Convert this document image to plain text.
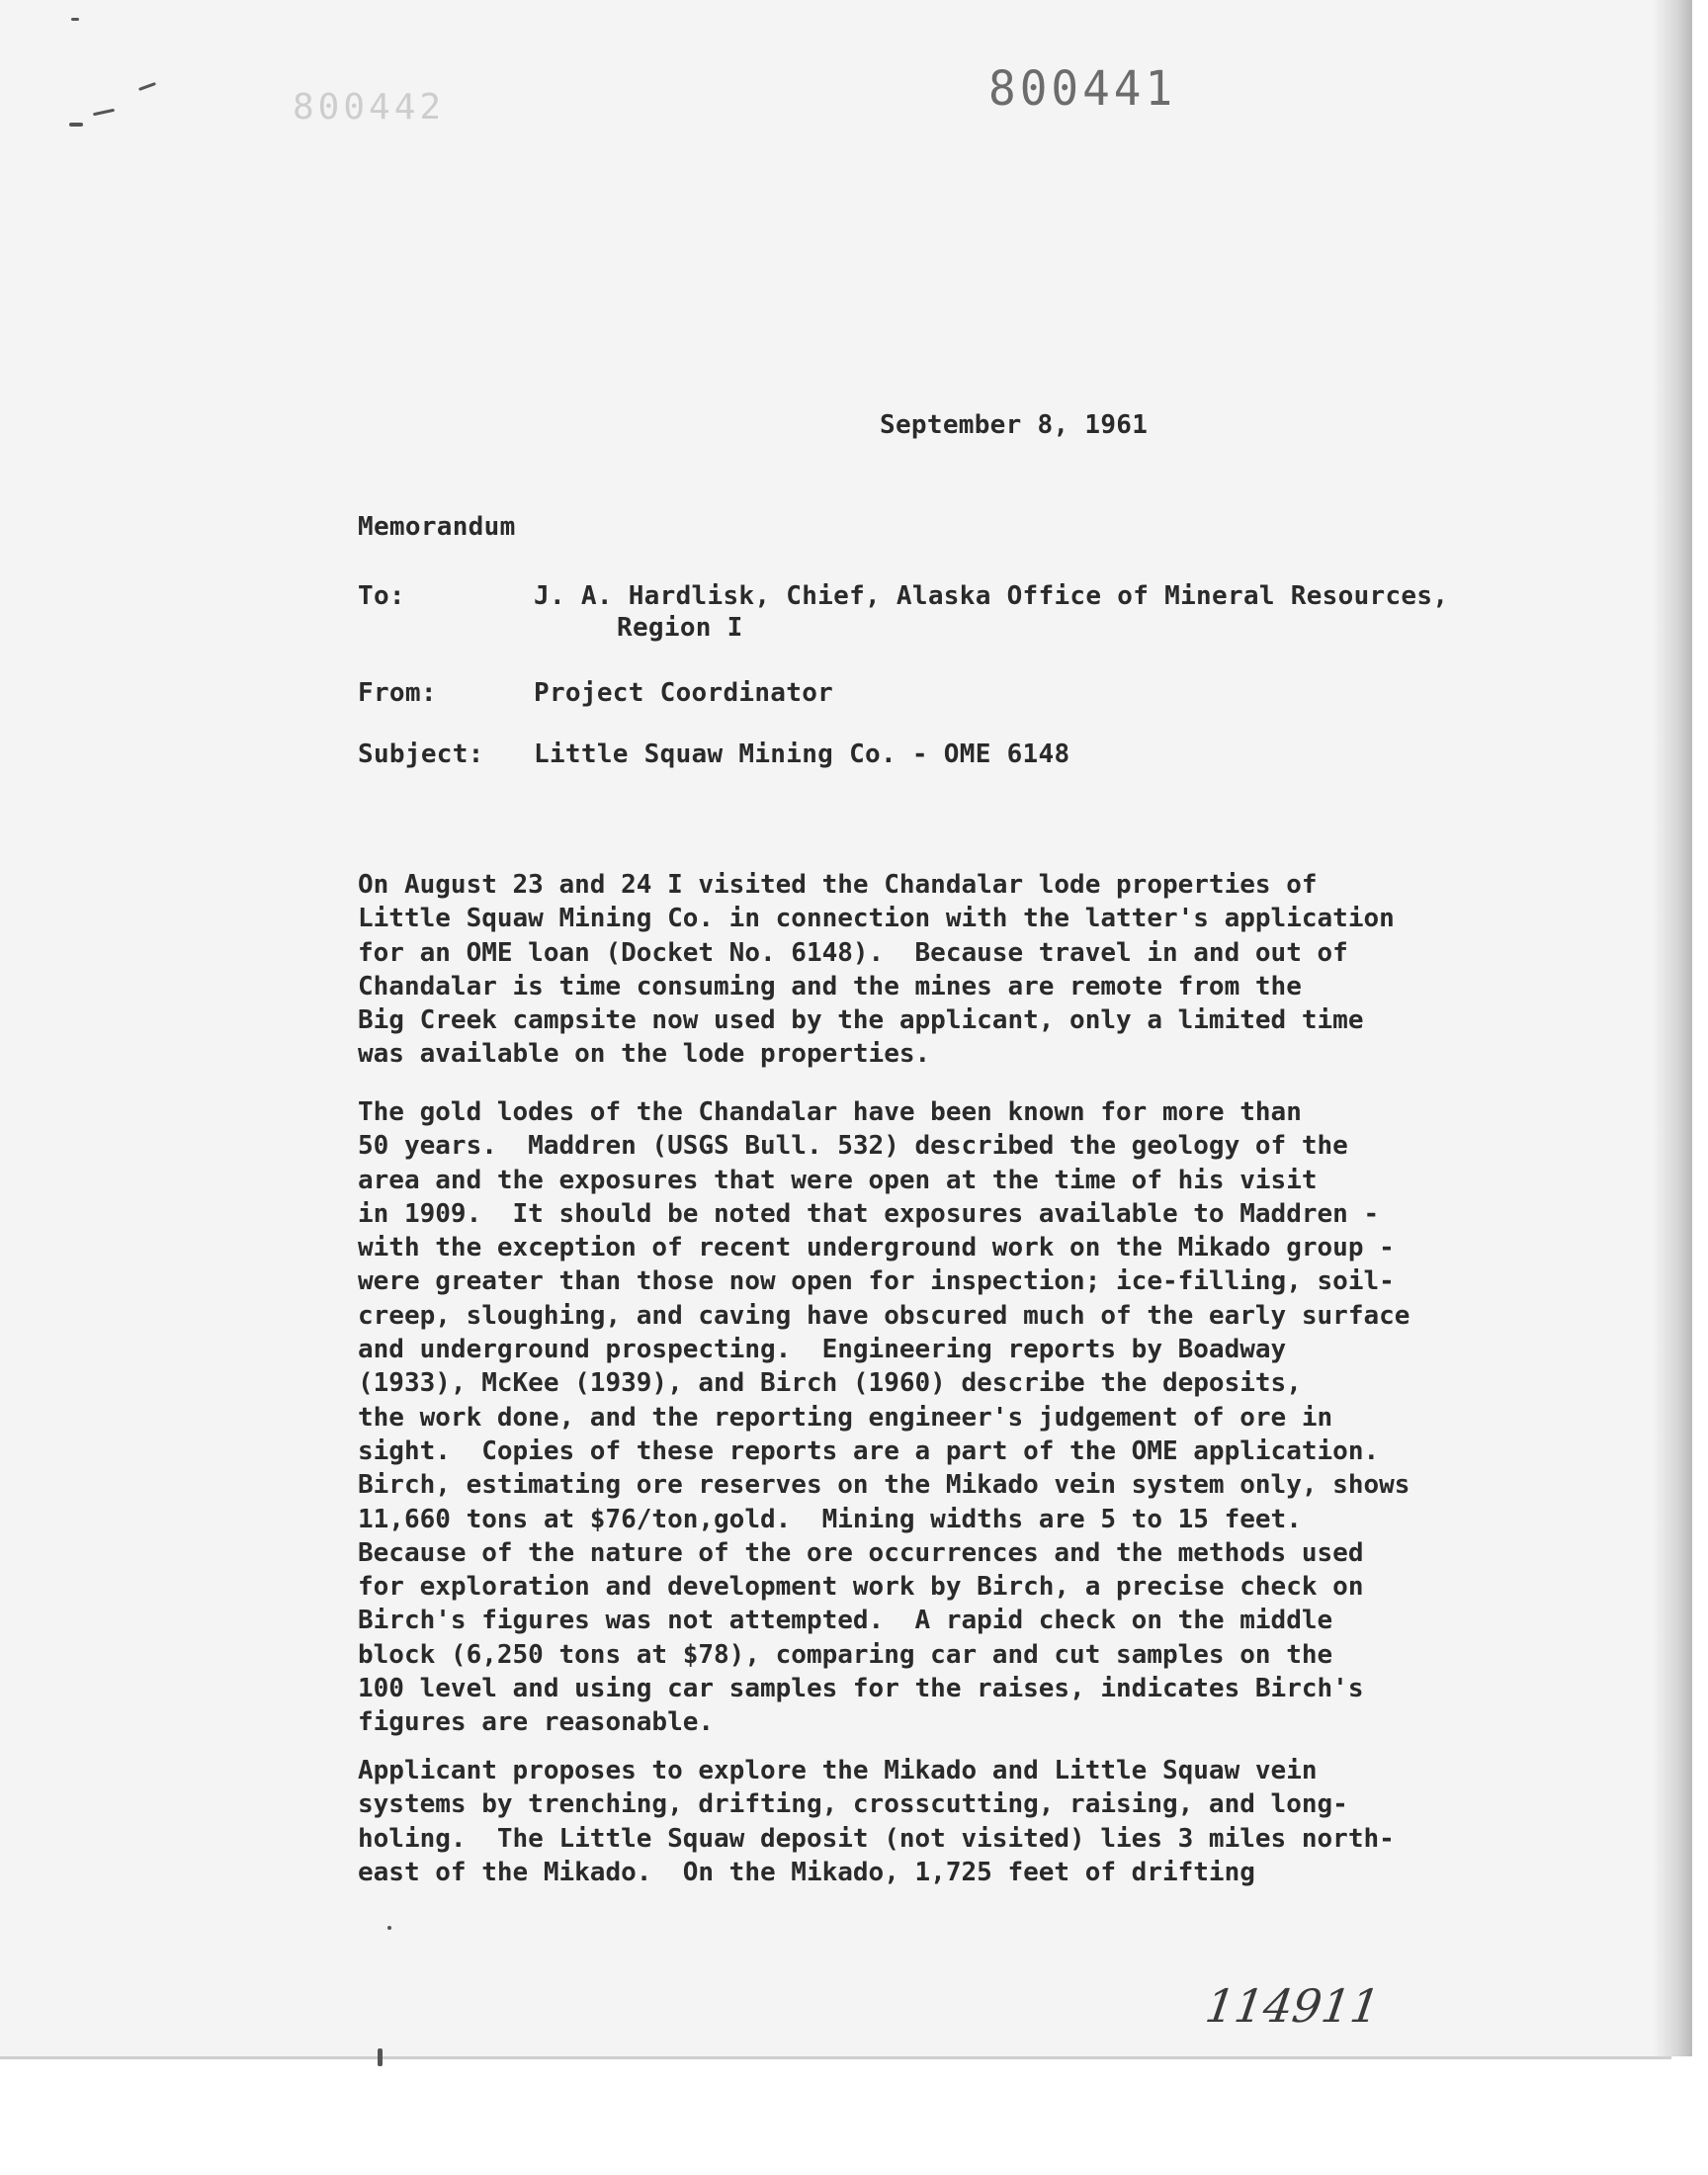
800442	800441
September 8, 1961
Memorandum
To:	J. A. Hardlisk, Chief, Alaska Office of Mineral Resources,
Region I
From:	Project Coordinator
Subject: Little Squaw Mining Co. - OME 6148
On August 23 and 24 I visited the Chandalar lode properties of
Little Squaw Mining Co. in connection with the latter's application
for an OME loan (Docket No. 6148).  Because travel in and out of
Chandalar is time consuming and the mines are remote from the
Big Creek campsite now used by the applicant, only a limited time
was available on the lode properties.
The gold lodes of the Chandalar have been known for more than
50 years.  Maddren (USGS Bull. 532) described the geology of the
area and the exposures that were open at the time of his visit
in 1909.  It should be noted that exposures available to Maddren -
with the exception of recent underground work on the Mikado group -
were greater than those now open for inspection; ice-filling, soil-
creep, sloughing, and caving have obscured much of the early surface
and underground prospecting.  Engineering reports by Boadway
(1933), McKee (1939), and Birch (1960) describe the deposits,
the work done, and the reporting engineer's judgement of ore in
sight.  Copies of these reports are a part of the OME application.
Birch, estimating ore reserves on the Mikado vein system only, shows
11,660 tons at $76/ton,gold.  Mining widths are 5 to 15 feet.
Because of the nature of the ore occurrences and the methods used
for exploration and development work by Birch, a precise check on
Birch's figures was not attempted.  A rapid check on the middle
block (6,250 tons at $78), comparing car and cut samples on the
100 level and using car samples for the raises, indicates Birch's
figures are reasonable.
Applicant proposes to explore the Mikado and Little Squaw vein
systems by trenching, drifting, crosscutting, raising, and long-
holing.  The Little Squaw deposit (not visited) lies 3 miles north-
east of the Mikado.  On the Mikado, 1,725 feet of drifting
114911
